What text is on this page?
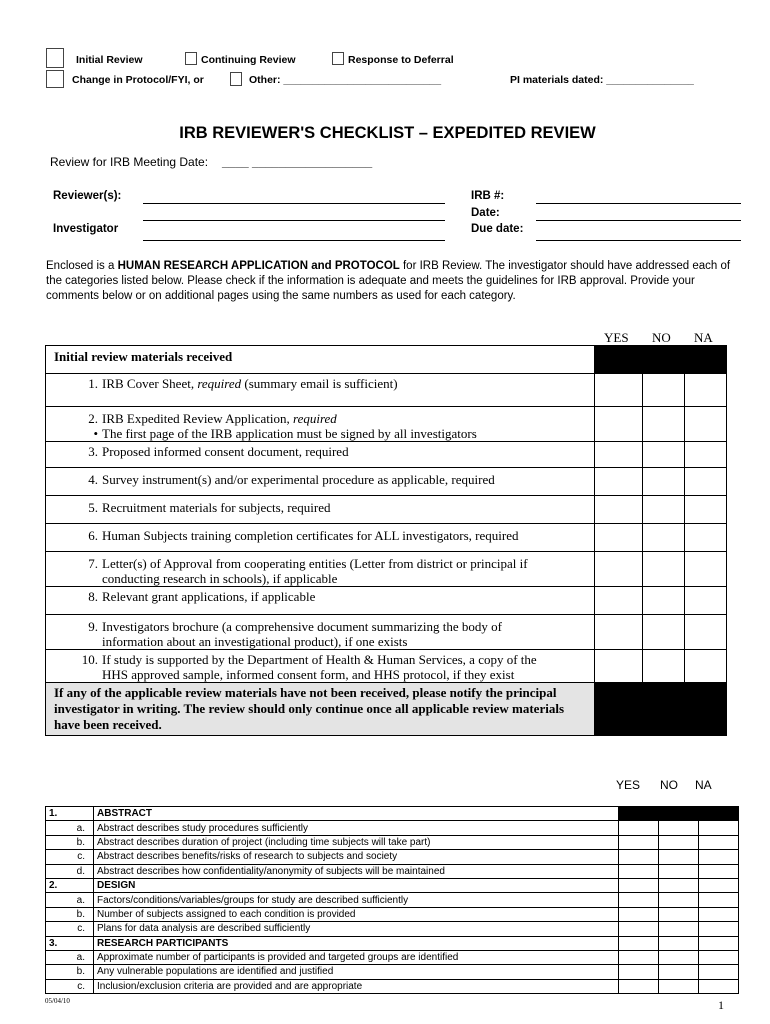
Initial Review	Continuing Review	Response to Deferral
Change in Protocol/FYI, or	Other: ___________________________	PI materials dated: _______________
IRB REVIEWER'S CHECKLIST – EXPEDITED REVIEW
Review for IRB Meeting Date: ____ __________________
Reviewer(s):
Investigator
IRB #:
Date:
Due date:
Enclosed is a HUMAN RESEARCH APPLICATION and PROTOCOL for IRB Review. The investigator should have addressed each of the categories listed below. Please check if the information is adequate and meets the guidelines for IRB approval. Provide your comments below or on additional pages using the same numbers as used for each category.
YES NO NA
Initial review materials received			
1. IRB Cover Sheet, required (summary email is sufficient)			
2. IRB Expedited Review Application, required
• The first page of the IRB application must be signed by all investigators			
3. Proposed informed consent document, required			
4. Survey instrument(s) and/or experimental procedure as applicable, required			
5. Recruitment materials for subjects, required			
6. Human Subjects training completion certificates for ALL investigators, required			
7. Letter(s) of Approval from cooperating entities (Letter from district or principal if

conducting research in schools), if applicable			

8. Relevant grant applications, if applicable			
9. Investigators brochure (a comprehensive document summarizing the body of

information about an investigational product), if one exists			

10. If study is supported by the Department of Health & Human Services, a copy of the

HHS approved sample, informed consent form, and HHS protocol, if they exist			

If any of the applicable review materials have not been received, please notify the principal investigator in writing. The review should only continue once all applicable review materials have been received.			
YES NO NA
1.	ABSTRACT			
a.	Abstract describes study procedures sufficiently			
b.	Abstract describes duration of project (including time subjects will take part)			
c.	Abstract describes benefits/risks of research to subjects and society			
d.	Abstract describes how confidentiality/anonymity of subjects will be maintained			
2.	DESIGN			
a.	Factors/conditions/variables/groups for study are described sufficiently			
b.	Number of subjects assigned to each condition is provided			
c.	Plans for data analysis are described sufficiently			
3.	RESEARCH PARTICIPANTS			
a.	Approximate number of participants is provided and targeted groups are identified			
b.	Any vulnerable populations are identified and justified			
c.	Inclusion/exclusion criteria are provided and are appropriate			
05/04/10	1
